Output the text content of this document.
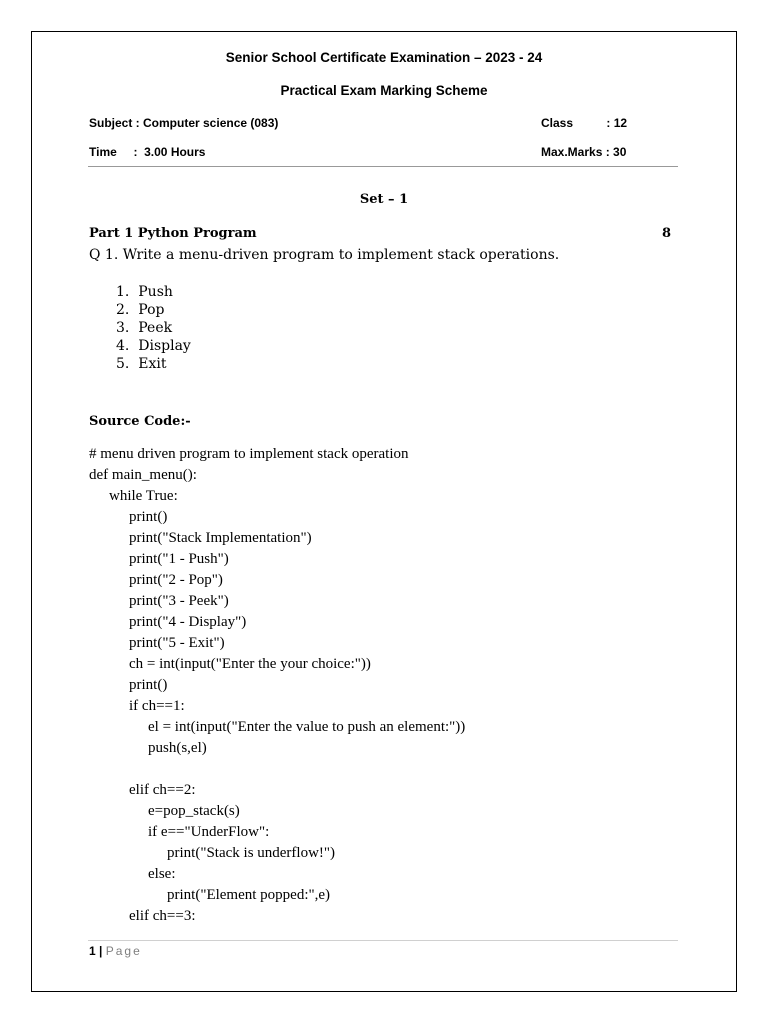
Senior School Certificate Examination – 2023 - 24
Practical Exam Marking Scheme
Subject : Computer science (083)	Class          : 12
Time     :  3.00 Hours	Max.Marks : 30
Set – 1
Part 1 Python Program	8
Q 1. Write a menu-driven program to implement stack operations.
1.  Push
2.  Pop
3.  Peek
4.  Display
5.  Exit
Source Code:-
# menu driven program to implement stack operation
def main_menu():
while True:
print()
print("Stack Implementation")
print("1 - Push")
print("2 - Pop")
print("3 - Peek")
print("4 - Display")
print("5 - Exit")
ch = int(input("Enter the your choice:"))
print()
if ch==1:
el = int(input("Enter the value to push an element:"))
push(s,el)
elif ch==2:
e=pop_stack(s)
if e=="UnderFlow":
print("Stack is underflow!")
else:
print("Element popped:",e)
elif ch==3:
1 | Page
